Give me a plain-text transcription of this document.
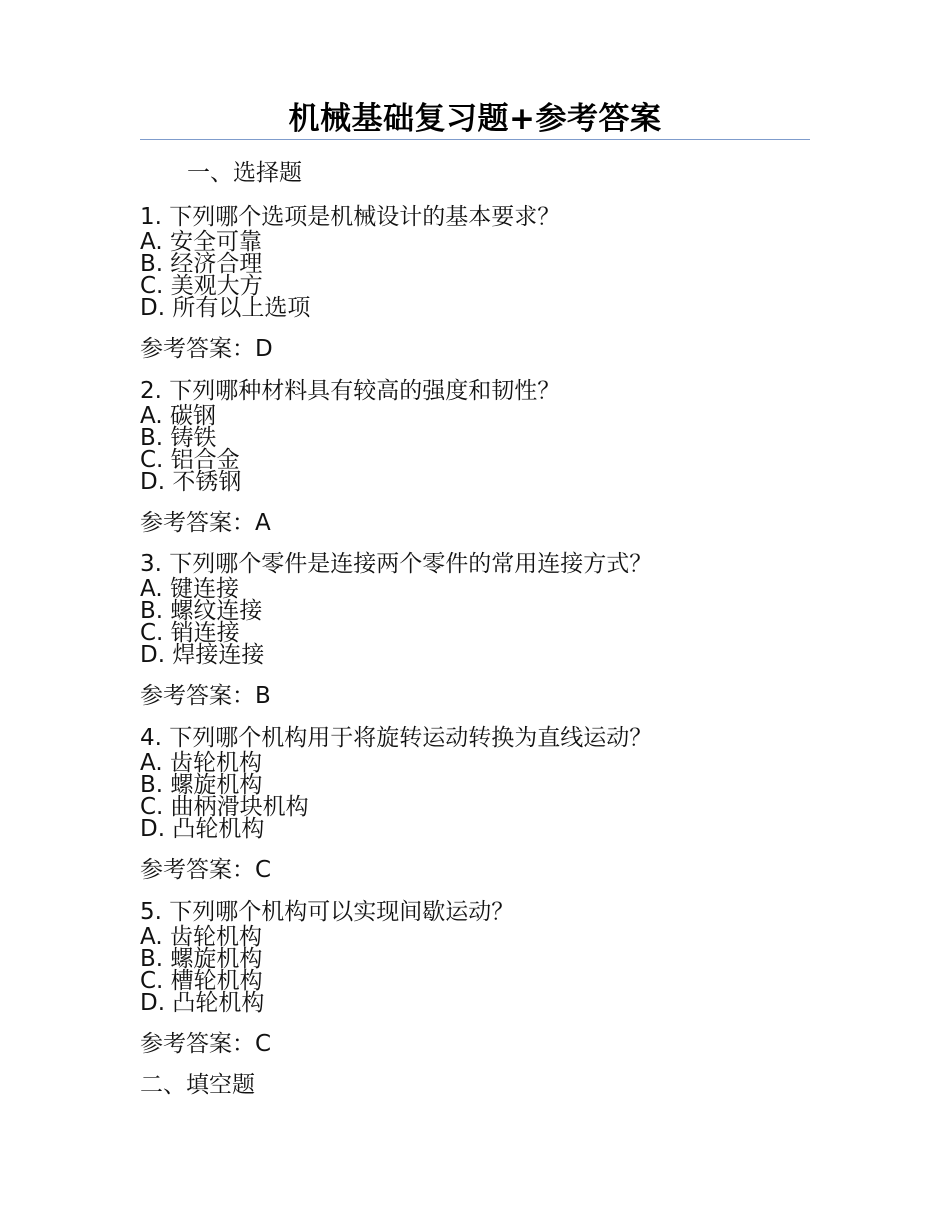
机械基础复习题+参考答案
一、选择题
1. 下列哪个选项是机械设计的基本要求？
A. 安全可靠
B. 经济合理
C. 美观大方
D. 所有以上选项
参考答案：D
2. 下列哪种材料具有较高的强度和韧性？
A. 碳钢
B. 铸铁
C. 铝合金
D. 不锈钢
参考答案：A
3. 下列哪个零件是连接两个零件的常用连接方式？
A. 键连接
B. 螺纹连接
C. 销连接
D. 焊接连接
参考答案：B
4. 下列哪个机构用于将旋转运动转换为直线运动？
A. 齿轮机构
B. 螺旋机构
C. 曲柄滑块机构
D. 凸轮机构
参考答案：C
5. 下列哪个机构可以实现间歇运动？
A. 齿轮机构
B. 螺旋机构
C. 槽轮机构
D. 凸轮机构
参考答案：C
二、填空题
